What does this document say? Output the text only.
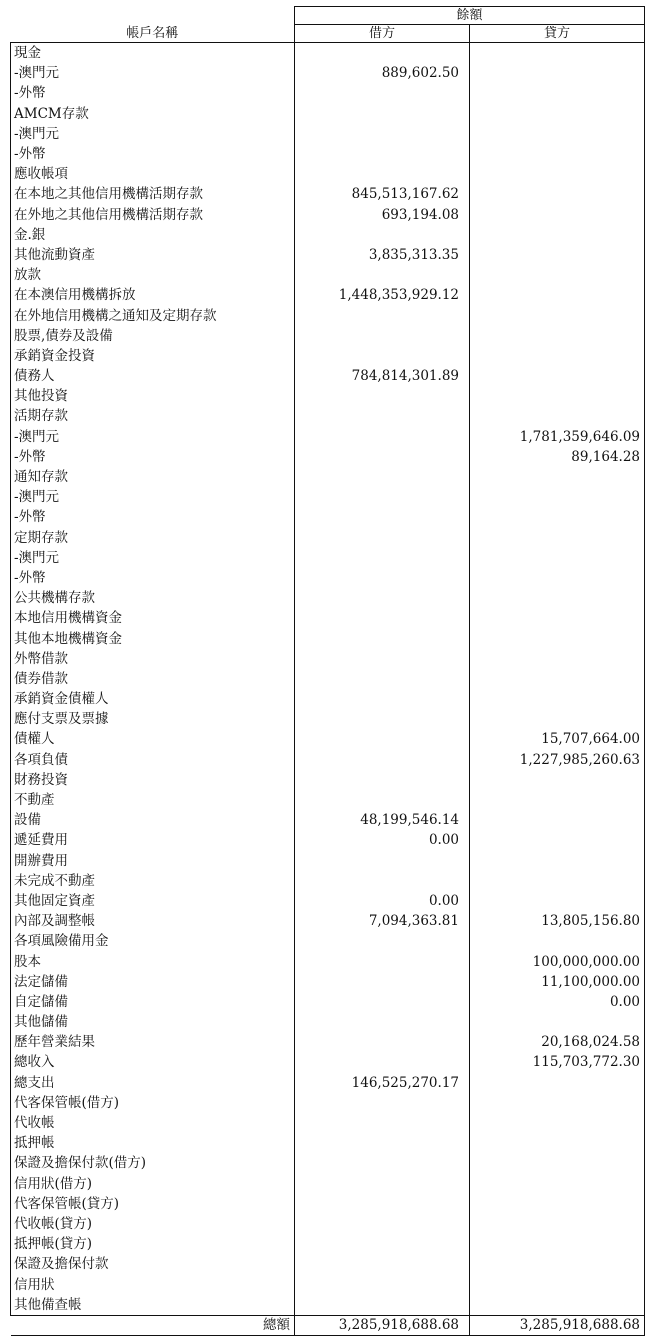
帳戶名稱	餘額	
	借方	貸方
現金		
-澳門元	889,602.50	
-外幣		
AMCM存款		
-澳門元		
-外幣		
應收帳項		
在本地之其他信用機構活期存款	845,513,167.62	
在外地之其他信用機構活期存款	693,194.08	
金.銀		
其他流動資產	3,835,313.35	
放款		
在本澳信用機構拆放	1,448,353,929.12	
在外地信用機構之通知及定期存款		
股票,債券及設備		
承銷資金投資		
債務人	784,814,301.89	
其他投資		
活期存款		
-澳門元		1,781,359,646.09
-外幣		89,164.28
通知存款		
-澳門元		
-外幣		
定期存款		
-澳門元		
-外幣		
公共機構存款		
本地信用機構資金		
其他本地機構資金		
外幣借款		
債券借款		
承銷資金債權人		
應付支票及票據		
債權人		15,707,664.00
各項負債		1,227,985,260.63
財務投資		
不動產		
設備	48,199,546.14	
遞延費用	0.00	
開辦費用		
未完成不動產		
其他固定資產	0.00	
內部及調整帳	7,094,363.81	13,805,156.80
各項風險備用金		
股本		100,000,000.00
法定儲備		11,100,000.00
自定儲備		0.00
其他儲備		
歷年營業結果		20,168,024.58
總收入		115,703,772.30
總支出	146,525,270.17	
代客保管帳(借方)		
代收帳		
抵押帳		
保證及擔保付款(借方)		
信用狀(借方)		
代客保管帳(貸方)		
代收帳(貸方)		
抵押帳(貸方)		
保證及擔保付款		
信用狀		
其他備查帳		
總額	3,285,918,688.68	3,285,918,688.68
